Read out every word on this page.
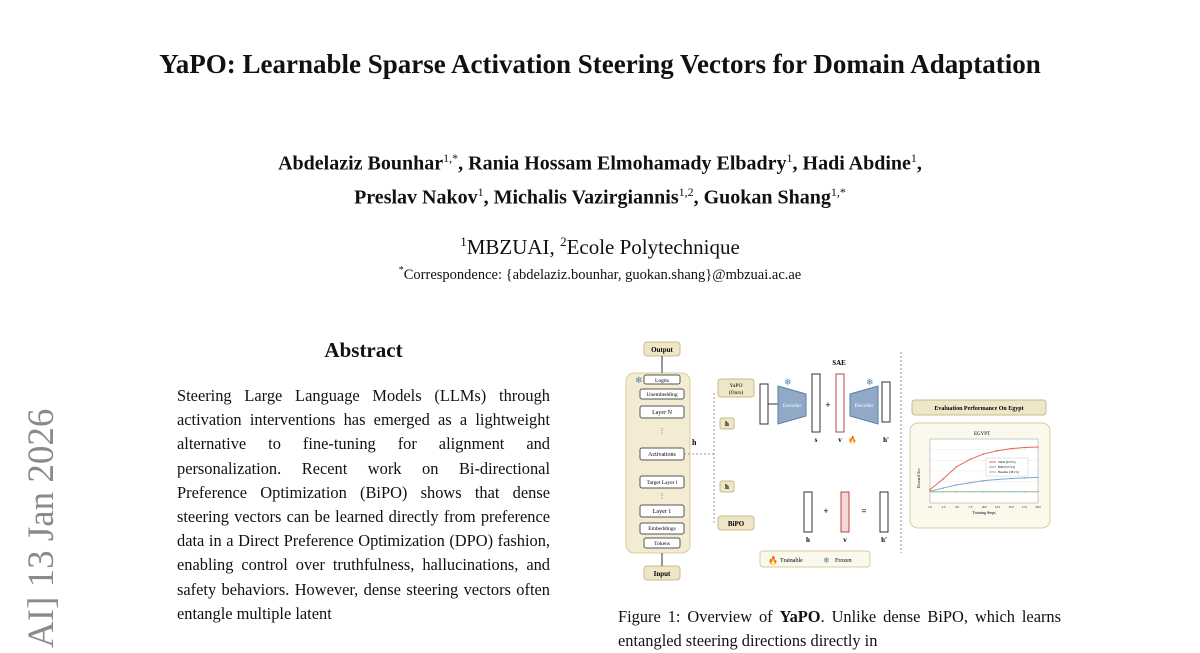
YaPO: Learnable Sparse Activation Steering Vectors for Domain Adaptation
Abdelaziz Bounhar$^{1,*}$, Rania Hossam Elmohamady Elbadry$^1$, Hadi Abdine$^1$,
Preslav Nakov$^1$, Michalis Vazirgiannis$^{1,2}$, Guokan Shang$^{1,*}$
$^1$MBZUAI, $^2$Ecole Polytechnique
*Correspondence: {abdelaziz.bounhar, guokan.shang}@mbzuai.ac.ae
AI] 13 Jan 2026
Abstract
Steering Large Language Models (LLMs) through activation interventions has emerged as a lightweight alternative to fine-tuning for alignment and personalization. Recent work on Bi-directional Preference Optimization (BiPO) shows that dense steering vectors can be learned directly from preference data in a Direct Preference Optimization (DPO) fashion, enabling control over truthfulness, hallucinations, and safety behaviors. However, dense steering vectors often entangle multiple latent
Output
Input
Logits
Unembedding
Layer N
⋮
Activations
Target Layer l
⋮
Layer 1
Embeddings
Tokens
❄
h
YaPO
(Ours)
h
h
BiPO
Encoder
❄
s
+
v 🔥
SAE
Decoder
❄
h'
h
+
v
=
h'
🔥 Trainable	❄ Frozen
Evaluation Performance On Egypt
EGYPT
Reward Acc
Training Steps
1.0	2.5	5.0	7.5	10.0	12.5	15.0	17.5	20.0
YaPO (93.5%)
BiPO (55.3%)
Baseline (38.1%)
Figure 1: Overview of YaPO. Unlike dense BiPO, which learns entangled steering directions directly in
